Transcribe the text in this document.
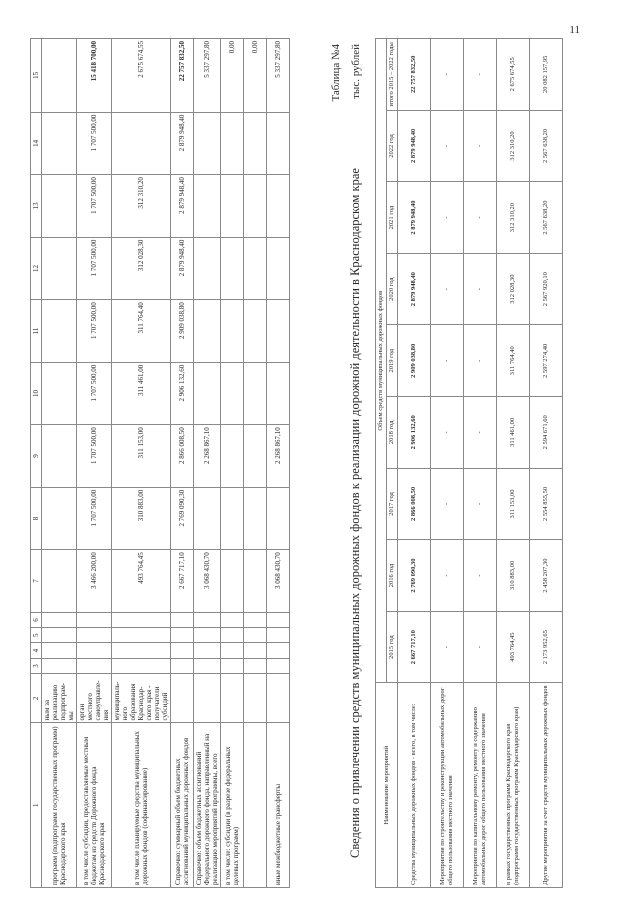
11
1	2	3	4	5	6	7	8	9	10	11	12	13	14	15
программ (подпрограмм государственных программ) Краснодарского края	ным за реализацию подпрограм-мы													
в том числе субсидии, предоставляемые местным бюджетам из средств Дорожного фонда Краснодарского края	орган местного самоуправле-ния					3 466 200,00	1 707 500,00	1 707 500,00	1 707 500,00	1 707 500,00	1 707 500,00	1 707 500,00	1 707 500,00	15 418 700,00
в том числе планируемые средства муниципальных дорожных фондов (софинансирование)	муниципаль-ного образования Краснодар-ского края - получатели субсидий					493 764,45	310 883,00	311 153,00	311 461,00	311 764,40	312 028,30	312 310,20		2 675 674,55
Справочно: суммарный объем бюджетных ассигнований муниципальных дорожных фондов						2 667 717,10	2 769 090,30	2 866 008,50	2 906 132,60	2 909 038,80	2 879 948,40	2 879 948,40	2 879 948,40	22 757 832,50
Справочно: объем бюджетных ассигнований Федерального дорожного фонда, направленный на реализацию мероприятий программы, всего						3 068 430,70		2 268 867,10						5 337 297,80
в том числе: субсидии (в разрезе федеральных целевых программ)														0,00
														0,00
иные межбюджетные трансферты						3 068 430,70		2 268 867,10						5 337 297,80	Таблица №4
Сведения о привлечении средств муниципальных дорожных фондов к реализации дорожной деятельности в Краснодарском крае
тыс. рублей
Наименование мероприятий	Объем средств муниципальных дорожных фондов								
	2015 год	2016 год	2017 год	2018 год	2019 год	2020 год	2021 год	2022 год	итого 2015 – 2022 годы
Средства муниципальных дорожных фондов - всего, в том числе:	2 667 717,10	2 769 090,30	2 866 008,50	2 906 132,60	2 909 038,80	2 879 948,40	2 879 948,40	2 879 948,40	22 757 832,50
Мероприятия по строительству и реконструкции автомобильных дорог общего пользования местного значения	-	-	-	-	-	-	-	-	-
Мероприятия по капитальному ремонту, ремонту и содержанию автомобильных дорог общего пользования местного значения	-	-	-	-	-	-	-	-	-
в рамках государственных программ Краснодарского края (подпрограмм государственных программ Краснодарского края)	493 764,45	310 883,00	311 153,00	311 461,00	311 764,40	312 028,30	312 310,20	312 310,20	2 675 674,55
Другие мероприятия за счет средств муниципальных дорожных фондов	2 173 952,65	2 458 207,30	2 554 855,50	2 594 671,60	2 597 274,40	2 567 920,10	2 567 638,20	2 567 638,20	20 082 157,95
